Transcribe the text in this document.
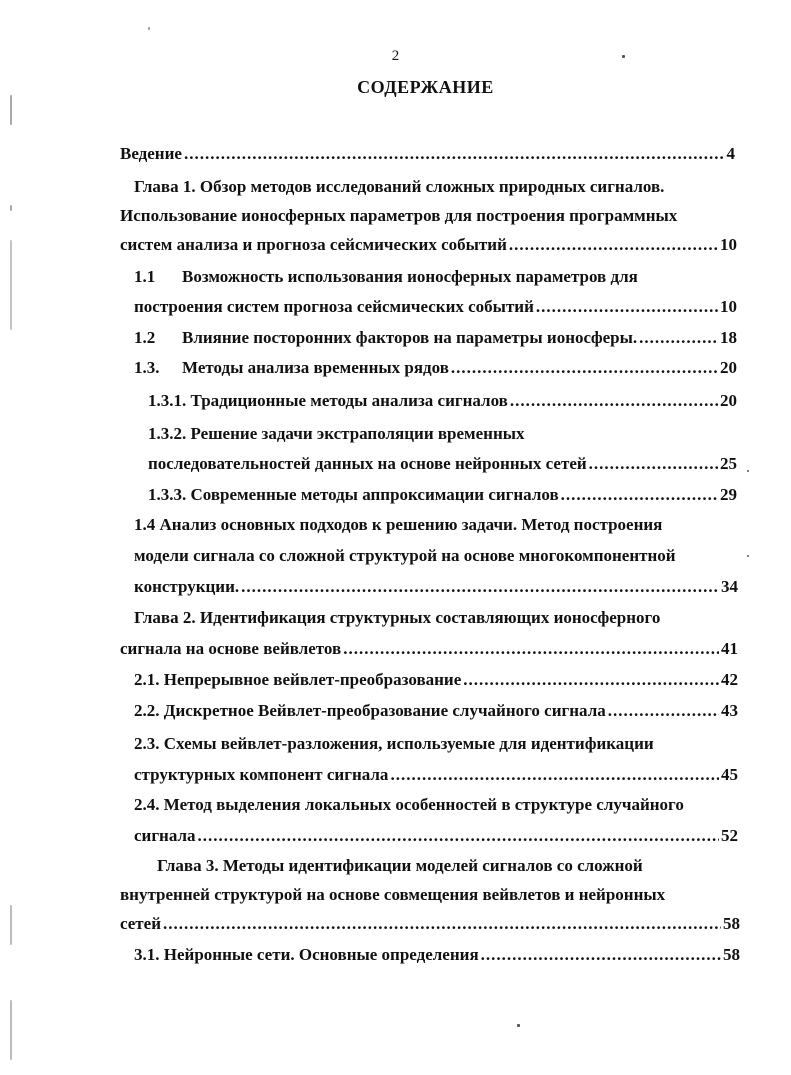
2
СОДЕРЖАНИЕ
Ведение .....	4
Глава 1. Обзор методов исследований сложных природных сигналов.
Использование ионосферных параметров для построения программных
систем анализа и прогноза сейсмических событий .....	10
1.1 Возможность использования ионосферных параметров для
построения систем прогноза сейсмических событий .....	10
1.2 Влияние посторонних факторов на параметры ионосферы. .....	18
1.3. Методы анализа временных рядов .....	20
1.3.1. Традиционные методы анализа сигналов .....	20
1.3.2. Решение задачи экстраполяции временных
последовательностей данных на основе нейронных сетей .....	25
1.3.3. Современные методы аппроксимации сигналов .....	29
1.4 Анализ основных подходов к решению задачи. Метод построения
модели сигнала со сложной структурой на основе многокомпонентной
конструкции. .....	34
Глава 2. Идентификация структурных составляющих ионосферного
сигнала на основе вейвлетов .....	41
2.1. Непрерывное вейвлет-преобразование .....	42
2.2. Дискретное Вейвлет-преобразование случайного сигнала .....	43
2.3. Схемы вейвлет-разложения, используемые для идентификации
структурных компонент сигнала .....	45
2.4. Метод выделения локальных особенностей в структуре случайного
сигнала .....	52
Глава 3. Методы идентификации моделей сигналов со сложной
внутренней структурой на основе совмещения вейвлетов и нейронных
сетей .....	58
3.1. Нейронные сети. Основные определения .....	58
